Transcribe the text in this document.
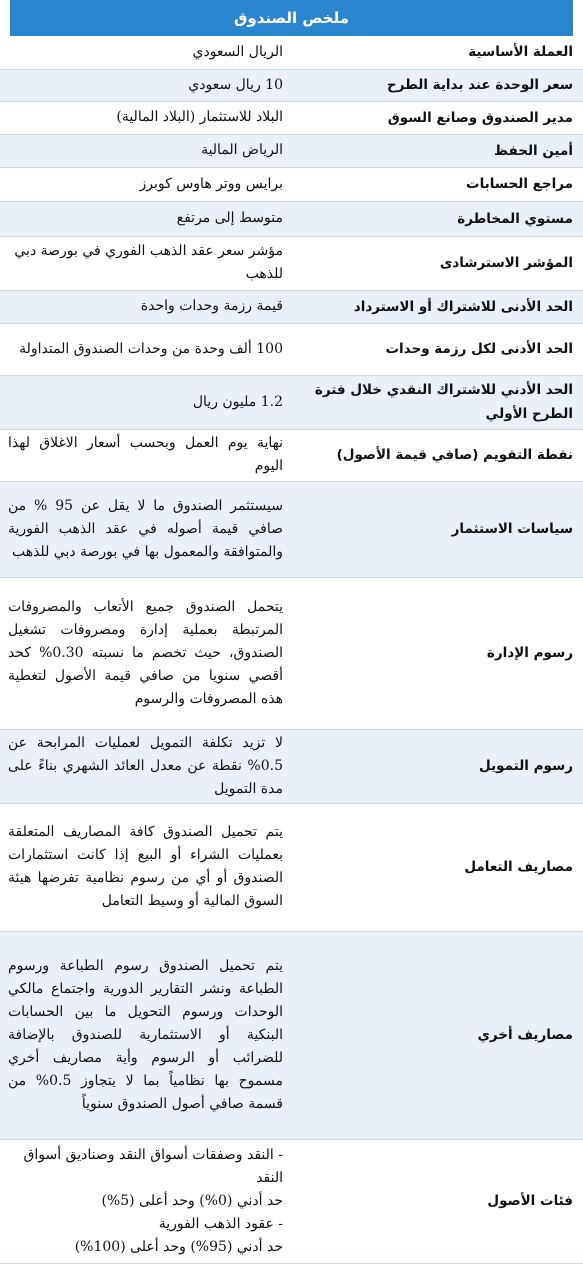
ملخص الصندوق
العملة الأساسية	الريال السعودي
سعر الوحدة عند بداية الطرح	10 ريال سعودي
مدير الصندوق وصانع السوق	البلاد للاستثمار (البلاد المالية)
أمين الحفظ	الرياض المالية
مراجع الحسابات	برايس ووتر هاوس كوبرز
مستوي المخاطرة	متوسط إلى مرتفع
المؤشر الاسترشادى	مؤشر سعر عقد الذهب الفوري في بورصة دبي للذهب
الحد الأدنى للاشتراك أو الاسترداد	قيمة رزمة وحدات واحدة
الحد الأدنى لكل رزمة وحدات	100 ألف وحدة من وحدات الصندوق المتداولة
الحد الأدني للاشتراك النقدي خلال فترة الطرح الأولي	1.2 مليون ريال
نقطة التقويم (صافي قيمة الأصول)	نهاية يوم العمل وبحسب أسعار الاغلاق لهذا اليوم
سياسات الاستثمار	سيستثمر الصندوق ما لا يقل عن 95 % من صافي قيمة أصوله في عقد الذهب الفورية والمتوافقة والمعمول بها في بورصة دبي للذهب
رسوم الإدارة	يتحمل الصندوق جميع الأتعاب والمصروفات المرتبطة بعملية إدارة ومصروفات تشغيل الصندوق، حيث تخصم ما نسبته 0.30% كحد أقصي سنويا من صافي قيمة الأصول لتغطية هذه المصروفات والرسوم
رسوم التمويل	لا تزيد تكلفة التمويل لعمليات المرابحة عن 0.5% نقطة عن معدل العائد الشهري بناءً على مدة التمويل
مصاريف التعامل	يتم تحميل الصندوق كافة المصاريف المتعلقة بعمليات الشراء أو البيع إذا كانت استثمارات الصندوق أو أي من رسوم نظامية تفرضها هيئة السوق المالية أو وسيط التعامل
مصاريف أخري	يتم تحميل الصندوق رسوم الطباعة ورسوم الطباعة ونشر التقارير الدورية واجتماع مالكي الوحدات ورسوم التحويل ما بين الحسابات البنكية أو الاستثمارية للصندوق بالإضافة للضرائب أو الرسوم وأية مصاريف أخري مسموح بها نظامياً بما لا يتجاوز 0.5% من قسمة صافي أصول الصندوق سنوياً
فئات الأصول	- النقد وصفقات أسواق النقد وصناديق أسواق النقد
حد أدني (0%) وحد أعلى (5%)
- عقود الذهب الفورية
حد أدني (95%) وحد أعلى (100%)
